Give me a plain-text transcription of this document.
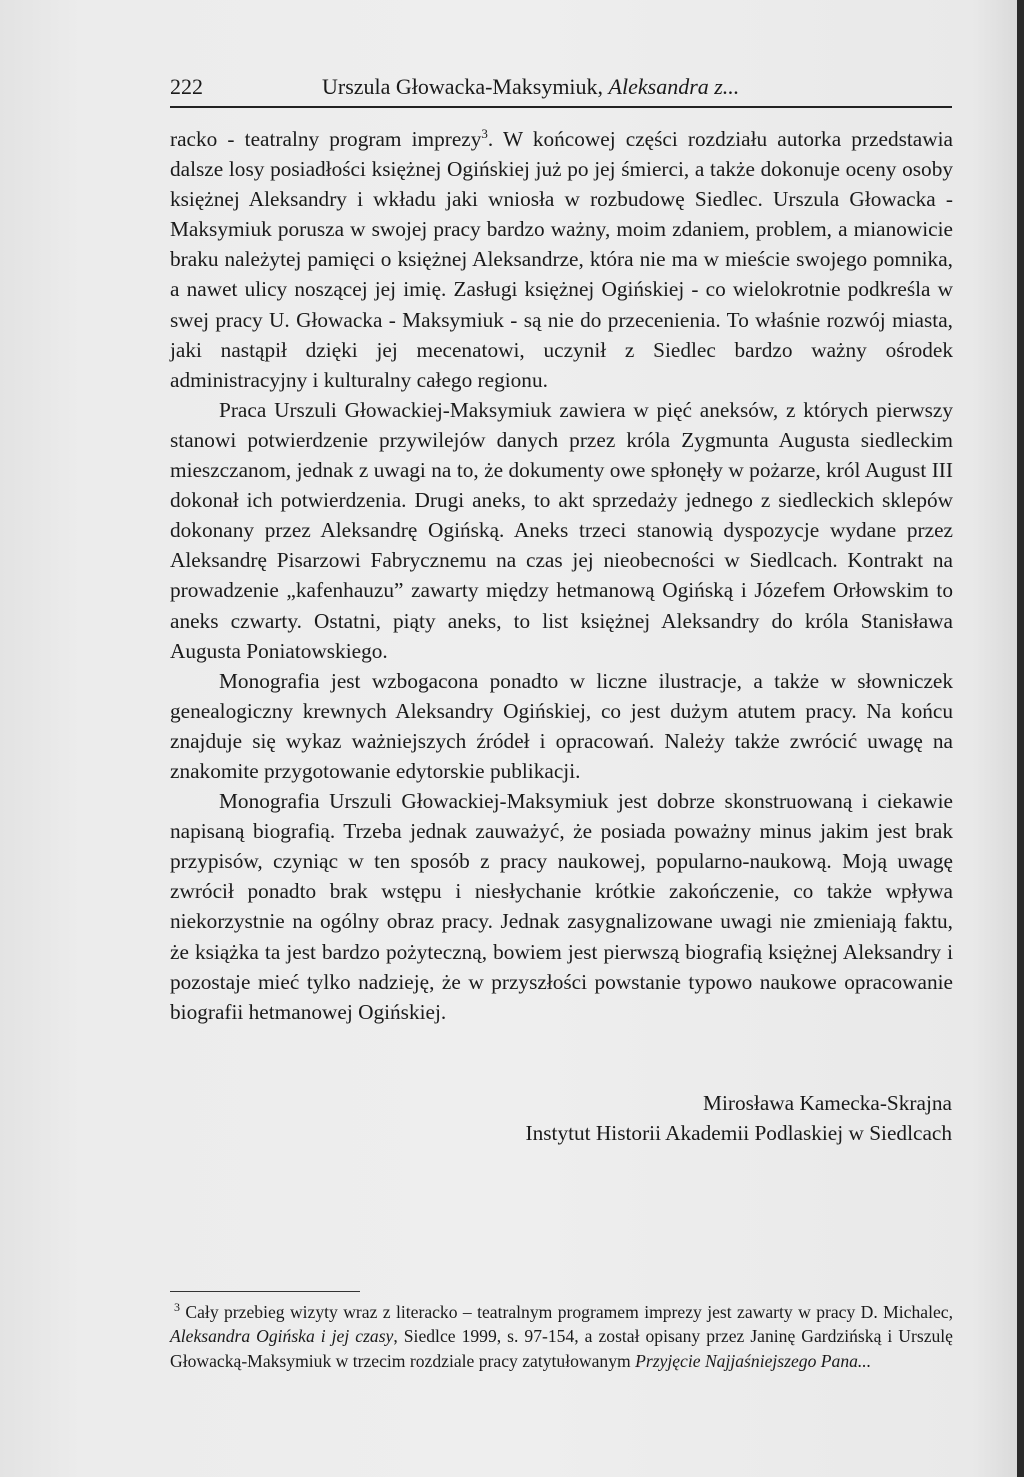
222	Urszula Głowacka-Maksymiuk, Aleksandra z...

racko - teatralny program imprezy$^3$. W końcowej części rozdziału autorka przedstawia dalsze losy posiadłości księżnej Ogińskiej już po jej śmierci, a także dokonuje oceny osoby księżnej Aleksandry i wkładu jaki wniosła w rozbudowę Siedlec. Urszula Głowacka - Maksymiuk porusza w swojej pracy bardzo ważny, moim zdaniem, problem, a mianowicie braku należytej pamięci o księżnej Aleksandrze, która nie ma w mieście swojego pomnika, a nawet ulicy noszącej jej imię. Zasługi księżnej Ogińskiej - co wielokrotnie podkreśla w swej pracy U. Głowacka - Maksymiuk - są nie do przecenienia. To właśnie rozwój miasta, jaki nastąpił dzięki jej mecenatowi, uczynił z Siedlec bardzo ważny ośrodek administracyjny i kulturalny całego regionu.

Praca Urszuli Głowackiej-Maksymiuk zawiera w pięć aneksów, z których pierwszy stanowi potwierdzenie przywilejów danych przez króla Zygmunta Augusta siedleckim mieszczanom, jednak z uwagi na to, że dokumenty owe spłonęły w pożarze, król August III dokonał ich potwierdzenia. Drugi aneks, to akt sprzedaży jednego z siedleckich sklepów dokonany przez Aleksandrę Ogińską. Aneks trzeci stanowią dyspozycje wydane przez Aleksandrę Pisarzowi Fabrycznemu na czas jej nieobecności w Siedlcach. Kontrakt na prowadzenie „kafenhauzu” zawarty między hetmanową Ogińską i Józefem Orłowskim to aneks czwarty. Ostatni, piąty aneks, to list księżnej Aleksandry do króla Stanisława Augusta Poniatowskiego.

Monografia jest wzbogacona ponadto w liczne ilustracje, a także w słowniczek genealogiczny krewnych Aleksandry Ogińskiej, co jest dużym atutem pracy. Na końcu znajduje się wykaz ważniejszych źródeł i opracowań. Należy także zwrócić uwagę na znakomite przygotowanie edytorskie publikacji.

Monografia Urszuli Głowackiej-Maksymiuk jest dobrze skonstruowaną i ciekawie napisaną biografią. Trzeba jednak zauważyć, że posiada poważny minus jakim jest brak przypisów, czyniąc w ten sposób z pracy naukowej, popularno-naukową. Moją uwagę zwrócił ponadto brak wstępu i niesłychanie krótkie zakończenie, co także wpływa niekorzystnie na ogólny obraz pracy. Jednak zasygnalizowane uwagi nie zmieniają faktu, że książka ta jest bardzo pożyteczną, bowiem jest pierwszą biografią księżnej Aleksandry i pozostaje mieć tylko nadzieję, że w przyszłości powstanie typowo naukowe opracowanie biografii hetmanowej Ogińskiej.

Mirosława Kamecka-Skrajna
Instytut Historii Akademii Podlaskiej w Siedlcach
$^3$ Cały przebieg wizyty wraz z literacko – teatralnym programem imprezy jest zawarty w pracy D. Michalec, Aleksandra Ogińska i jej czasy, Siedlce 1999, s. 97-154, a został opisany przez Janinę Gardzińską i Urszulę Głowacką-Maksymiuk w trzecim rozdziale pracy zatytułowanym Przyjęcie Najjaśniejszego Pana...
